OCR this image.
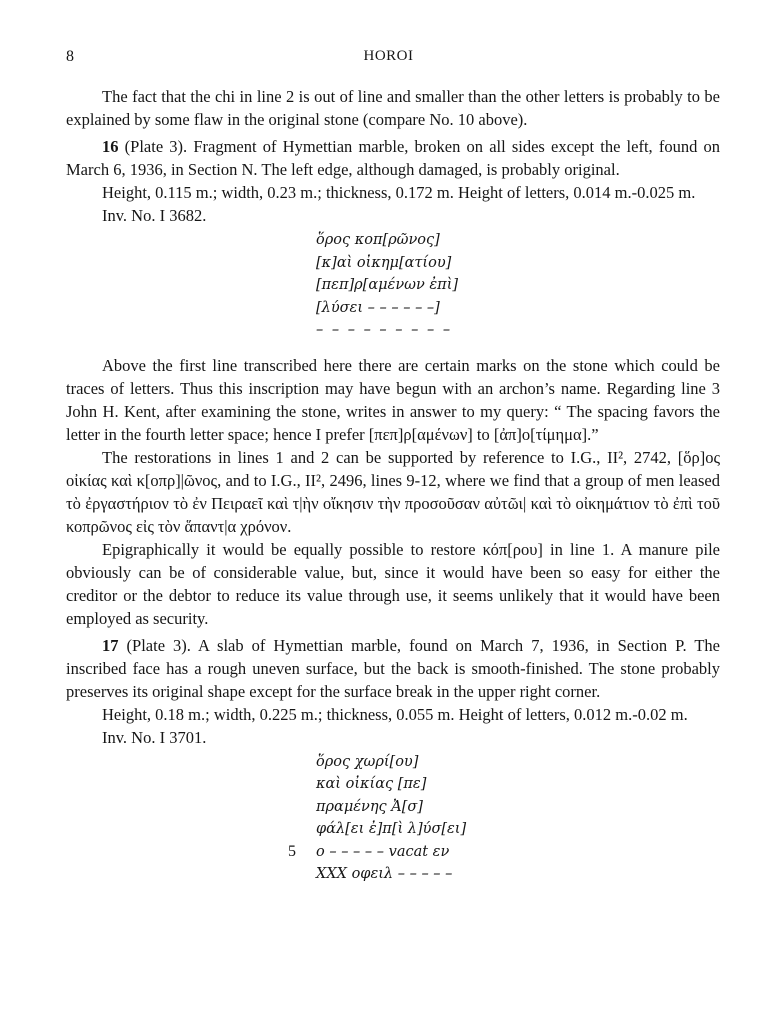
8	HOROI

The fact that the chi in line 2 is out of line and smaller than the other letters is probably to be explained by some flaw in the original stone (compare No. 10 above).

16 (Plate 3). Fragment of Hymettian marble, broken on all sides except the left, found on March 6, 1936, in Section N. The left edge, although damaged, is probably original.

Height, 0.115 m.; width, 0.23 m.; thickness, 0.172 m. Height of letters, 0.014 m.-0.025 m.

Inv. No. I 3682.

ὅρος κοπ[ρῶνος]
[κ]αὶ οἰκημ[ατίου]
[πεπ]ρ[αμένων ἐπὶ]
[λύσει – – – – – –]
– – – – – – – – –

Above the first line transcribed here there are certain marks on the stone which could be traces of letters. Thus this inscription may have begun with an archon’s name. Regarding line 3 John H. Kent, after examining the stone, writes in answer to my query: “ The spacing favors the letter in the fourth letter space; hence I prefer [πεπ]ρ[αμένων] to [ἀπ]ο[τίμημα].”

The restorations in lines 1 and 2 can be supported by reference to I.G., II², 2742, [ὅρ]ος οἰκίας καὶ κ[οπρ]|ῶνος, and to I.G., II², 2496, lines 9-12, where we find that a group of men leased τὸ ἐργαστήριον τὸ ἐν Πειραεῖ καὶ τ|ὴν οἴκησιν τὴν προσοῦσαν αὐτῶι| καὶ τὸ οἰκημάτιον τὸ ἐπὶ τοῦ κοπρῶνος εἰς τὸν ἅπαντ|α χρόνον.

Epigraphically it would be equally possible to restore κόπ[ρου] in line 1. A manure pile obviously can be of considerable value, but, since it would have been so easy for either the creditor or the debtor to reduce its value through use, it seems unlikely that it would have been employed as security.

17 (Plate 3). A slab of Hymettian marble, found on March 7, 1936, in Section P. The inscribed face has a rough uneven surface, but the back is smooth-finished. The stone probably preserves its original shape except for the surface break in the upper right corner.

Height, 0.18 m.; width, 0.225 m.; thickness, 0.055 m. Height of letters, 0.012 m.-0.02 m.

Inv. No. I 3701.

ὅρος χωρί[ου]
καὶ οἰκίας [πε]
πραμένης Ἀ[σ]
φάλ[ει ἐ]π[ὶ λ]ύσ[ει]
5 ο – – – – – vacat εν
XXX οφειλ – – – – –
